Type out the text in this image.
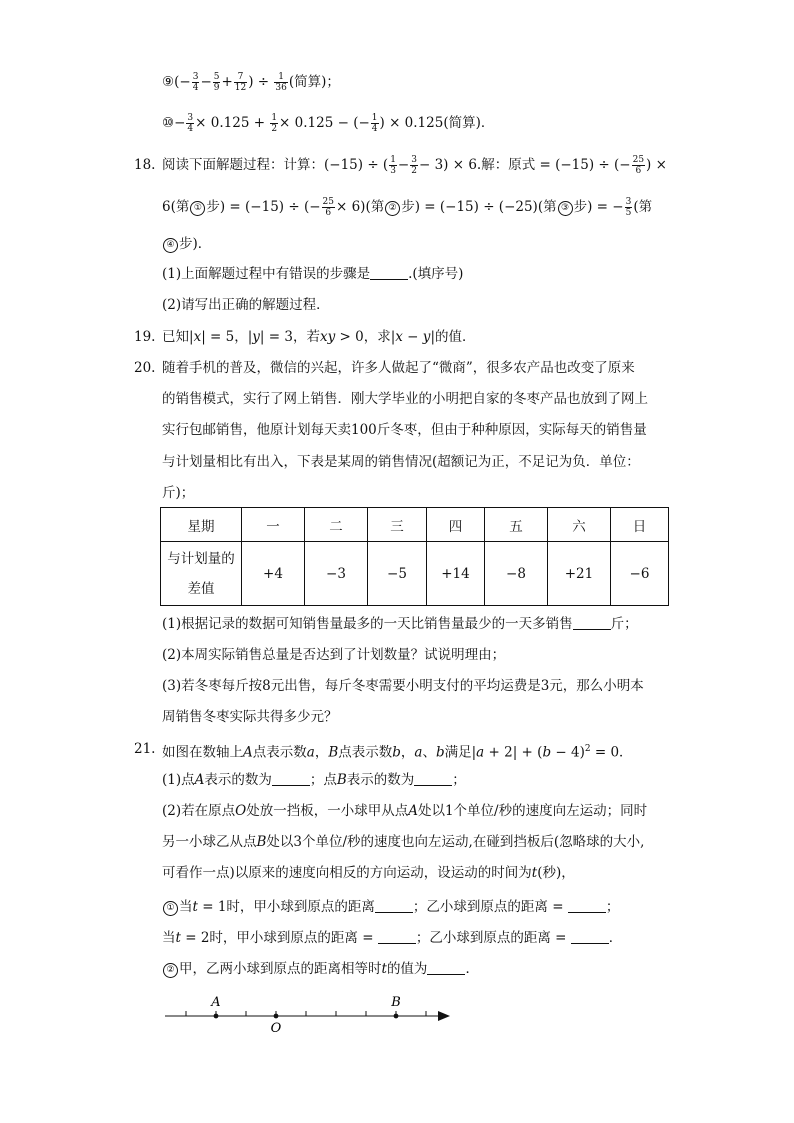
⑨(− $\frac{3}{4} - \frac{5}{9} + \frac{7}{12}$ ) ÷ $\frac{1}{36}$ (简算)；
⑩− $\frac{3}{4} \times 0.125 + \frac{1}{2} \times 0.125$ − (− $\frac{1}{4}$ ) × 0.125(简算)．
18. 阅读下面解题过程：计算：(−15) ÷ ( $\frac{1}{3} - \frac{3}{2} - 3) \times 6$.解：原式 = (−15) ÷ (− $\frac{25}{6}$ ) ×
6(第 ① 步) = (−15) ÷ (− $\frac{25}{6} \times 6$)(第 ② 步) = (−15) ÷ (−25)(第 ③ 步) = − $\frac{3}{5}$ (第
④ 步)．
(1)上面解题过程中有错误的步骤是	.(填序号)
(2)请写出正确的解题过程．
19. 已知|x| = 5，|y| = 3，若xy > 0，求|x − y|的值．
20. 随着手机的普及，微信的兴起，许多人做起了“微商”，很多农产品也改变了原来
的销售模式，实行了网上销售．刚大学毕业的小明把自家的冬枣产品也放到了网上
实行包邮销售，他原计划每天卖100斤冬枣，但由于种种原因，实际每天的销售量
与计划量相比有出入，下表是某周的销售情况(超额记为正，不足记为负．单位：
斤)；
星期	一	二	三	四	五	六	日
与计划量的
差值	+4	−3	−5	+14	−8	+21	−6
(1)根据记录的数据可知销售量最多的一天比销售量最少的一天多销售	斤；
(2)本周实际销售总量是否达到了计划数量？试说明理由；
(3)若冬枣每斤按8元出售，每斤冬枣需要小明支付的平均运费是3元，那么小明本
周销售冬枣实际共得多少元？
21. 如图在数轴上A点表示数a，B点表示数b，a、b满足$|a + 2| + (b - 4)^2 = 0$．
(1)点A表示的数为	；点B表示的数为	；
(2)若在原点O处放一挡板，一小球甲从点A处以1个单位/秒的速度向左运动；同时
另一小球乙从点B处以3个单位/秒的速度也向左运动,在碰到挡板后(忽略球的大小,
可看作一点)以原来的速度向相反的方向运动，设运动的时间为t(秒)，
① 当t = 1时，甲小球到原点的距离	；乙小球到原点的距离 =	；
当t = 2时，甲小球到原点的距离 =	；乙小球到原点的距离 =	．
② 甲，乙两小球到原点的距离相等时t的值为	．
A	B
O
